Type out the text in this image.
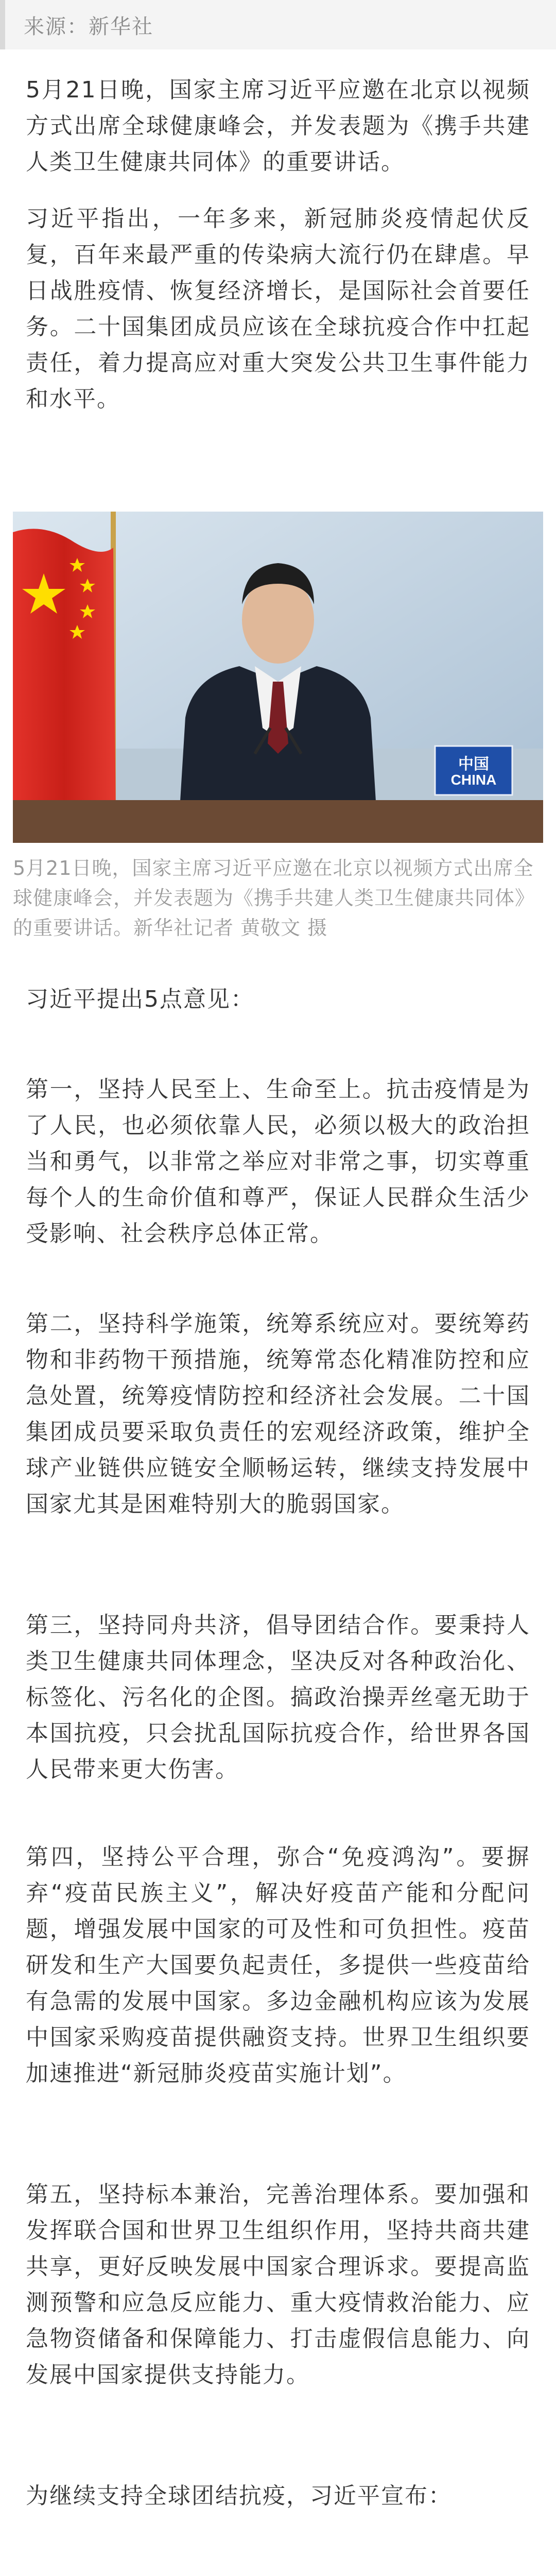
来源：新华社

5月21日晚，国家主席习近平应邀在北京以视频方式出席全球健康峰会，并发表题为《携手共建人类卫生健康共同体》的重要讲话。

习近平指出，一年多来，新冠肺炎疫情起伏反复，百年来最严重的传染病大流行仍在肆虐。早日战胜疫情、恢复经济增长，是国际社会首要任务。二十国集团成员应该在全球抗疫合作中扛起责任，着力提高应对重大突发公共卫生事件能力和水平。

中国
CHINA

5月21日晚，国家主席习近平应邀在北京以视频方式出席全球健康峰会，并发表题为《携手共建人类卫生健康共同体》的重要讲话。新华社记者 黄敬文 摄

习近平提出5点意见：

第一，坚持人民至上、生命至上。抗击疫情是为了人民，也必须依靠人民，必须以极大的政治担当和勇气，以非常之举应对非常之事，切实尊重每个人的生命价值和尊严，保证人民群众生活少受影响、社会秩序总体正常。

第二，坚持科学施策，统筹系统应对。要统筹药物和非药物干预措施，统筹常态化精准防控和应急处置，统筹疫情防控和经济社会发展。二十国集团成员要采取负责任的宏观经济政策，维护全球产业链供应链安全顺畅运转，继续支持发展中国家尤其是困难特别大的脆弱国家。

第三，坚持同舟共济，倡导团结合作。要秉持人类卫生健康共同体理念，坚决反对各种政治化、标签化、污名化的企图。搞政治操弄丝毫无助于本国抗疫，只会扰乱国际抗疫合作，给世界各国人民带来更大伤害。

第四，坚持公平合理，弥合“免疫鸿沟”。要摒弃“疫苗民族主义”，解决好疫苗产能和分配问题，增强发展中国家的可及性和可负担性。疫苗研发和生产大国要负起责任，多提供一些疫苗给有急需的发展中国家。多边金融机构应该为发展中国家采购疫苗提供融资支持。世界卫生组织要加速推进“新冠肺炎疫苗实施计划”。

第五，坚持标本兼治，完善治理体系。要加强和发挥联合国和世界卫生组织作用，坚持共商共建共享，更好反映发展中国家合理诉求。要提高监测预警和应急反应能力、重大疫情救治能力、应急物资储备和保障能力、打击虚假信息能力、向发展中国家提供支持能力。

为继续支持全球团结抗疫，习近平宣布：
